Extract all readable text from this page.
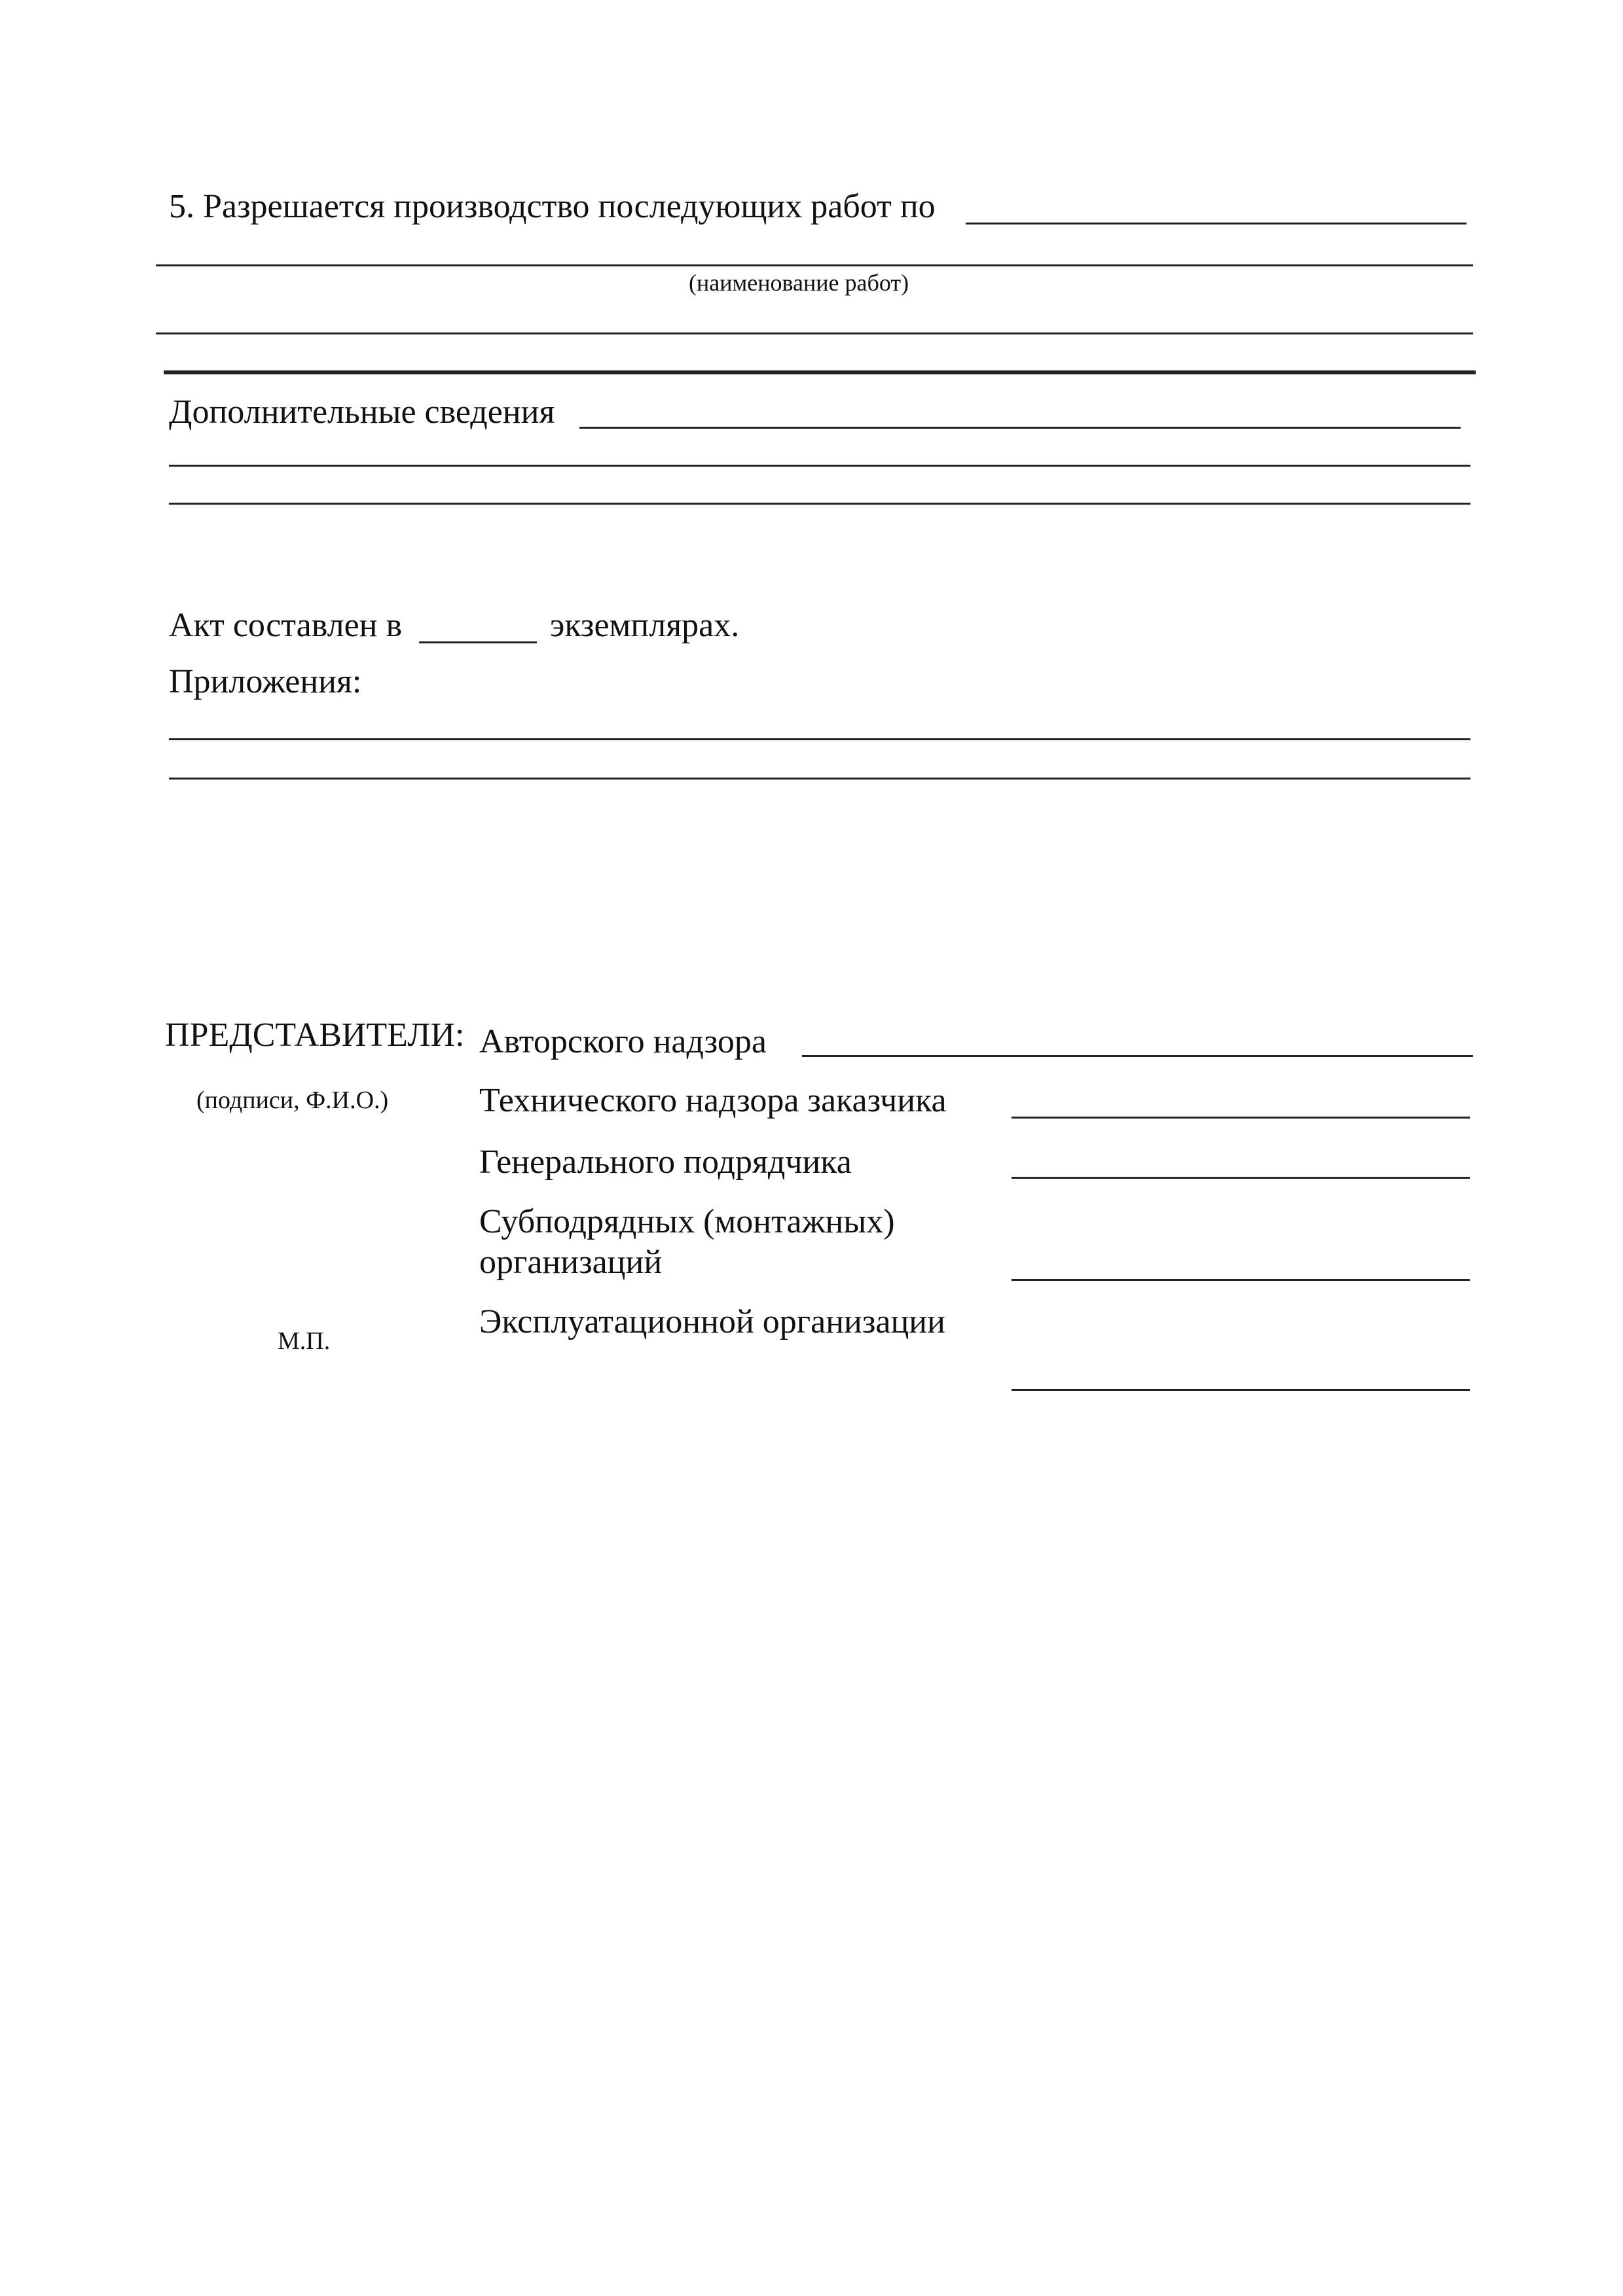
5. Разрешается производство последующих работ по
(наименование работ)
Дополнительные сведения
Акт составлен в	экземплярах.
Приложения:
ПРЕДСТАВИТЕЛИ:
(подписи, Ф.И.О.)
М.П.
Авторского надзора
Технического надзора заказчика
Генерального подрядчика
Субподрядных (монтажных) организаций
Эксплуатационной организации
